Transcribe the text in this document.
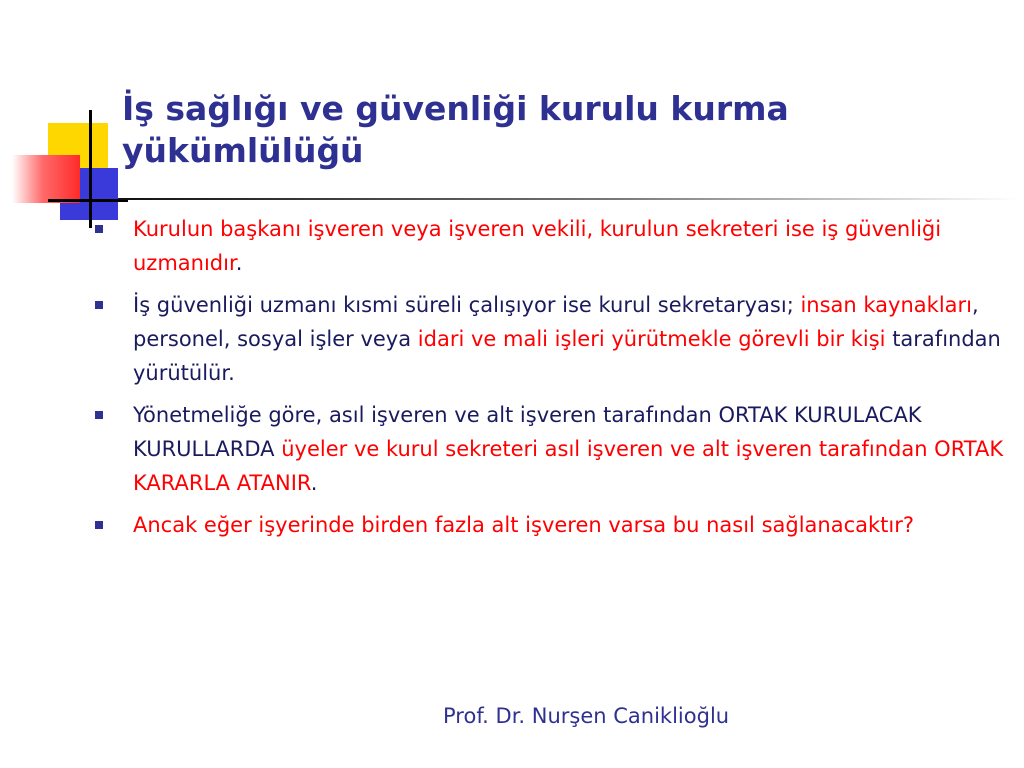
İş sağlığı ve güvenliği kurulu kurma
yükümlülüğü
Kurulun başkanı işveren veya işveren vekili, kurulun sekreteri ise iş güvenliği uzmanıdır.
İş güvenliği uzmanı kısmi süreli çalışıyor ise kurul sekretaryası; insan kaynakları, personel, sosyal işler veya idari ve mali işleri yürütmekle görevli bir kişi tarafından yürütülür.
Yönetmeliğe göre, asıl işveren ve alt işveren tarafından ORTAK KURULACAK KURULLARDA üyeler ve kurul sekreteri asıl işveren ve alt işveren tarafından ORTAK KARARLA ATANIR.
Ancak eğer işyerinde birden fazla alt işveren varsa bu nasıl sağlanacaktır?
Prof. Dr. Nurşen Caniklioğlu
